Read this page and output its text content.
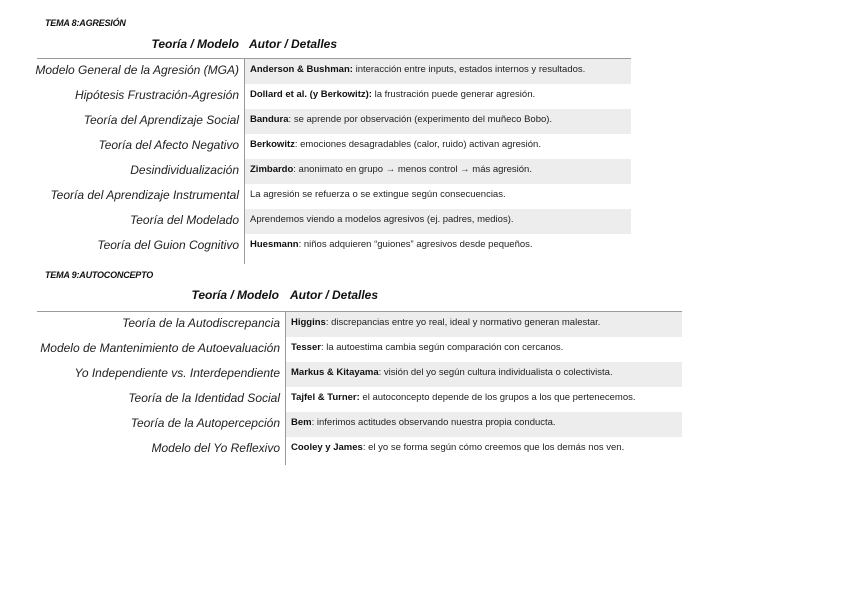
TEMA 8:AGRESIÓN
Teoría / Modelo Autor / Detalles
Modelo General de la Agresión (MGA)	Anderson & Bushman: interacción entre inputs, estados internos y resultados.
Hipótesis Frustración-Agresión	Dollard et al. (y Berkowitz): la frustración puede generar agresión.
Teoría del Aprendizaje Social	Bandura: se aprende por observación (experimento del muñeco Bobo).
Teoría del Afecto Negativo	Berkowitz: emociones desagradables (calor, ruido) activan agresión.
Desindividualización	Zimbardo: anonimato en grupo → menos control → más agresión.
Teoría del Aprendizaje Instrumental	La agresión se refuerza o se extingue según consecuencias.
Teoría del Modelado	Aprendemos viendo a modelos agresivos (ej. padres, medios).
Teoría del Guion Cognitivo	Huesmann: niños adquieren “guiones” agresivos desde pequeños.
TEMA 9:AUTOCONCEPTO
Teoría / Modelo Autor / Detalles
Teoría de la Autodiscrepancia	Higgins: discrepancias entre yo real, ideal y normativo generan malestar.
Modelo de Mantenimiento de Autoevaluación	Tesser: la autoestima cambia según comparación con cercanos.
Yo Independiente vs. Interdependiente	Markus & Kitayama: visión del yo según cultura individualista o colectivista.
Teoría de la Identidad Social	Tajfel & Turner: el autoconcepto depende de los grupos a los que pertenecemos.
Teoría de la Autopercepción	Bem: inferimos actitudes observando nuestra propia conducta.
Modelo del Yo Reflexivo	Cooley y James: el yo se forma según cómo creemos que los demás nos ven.
